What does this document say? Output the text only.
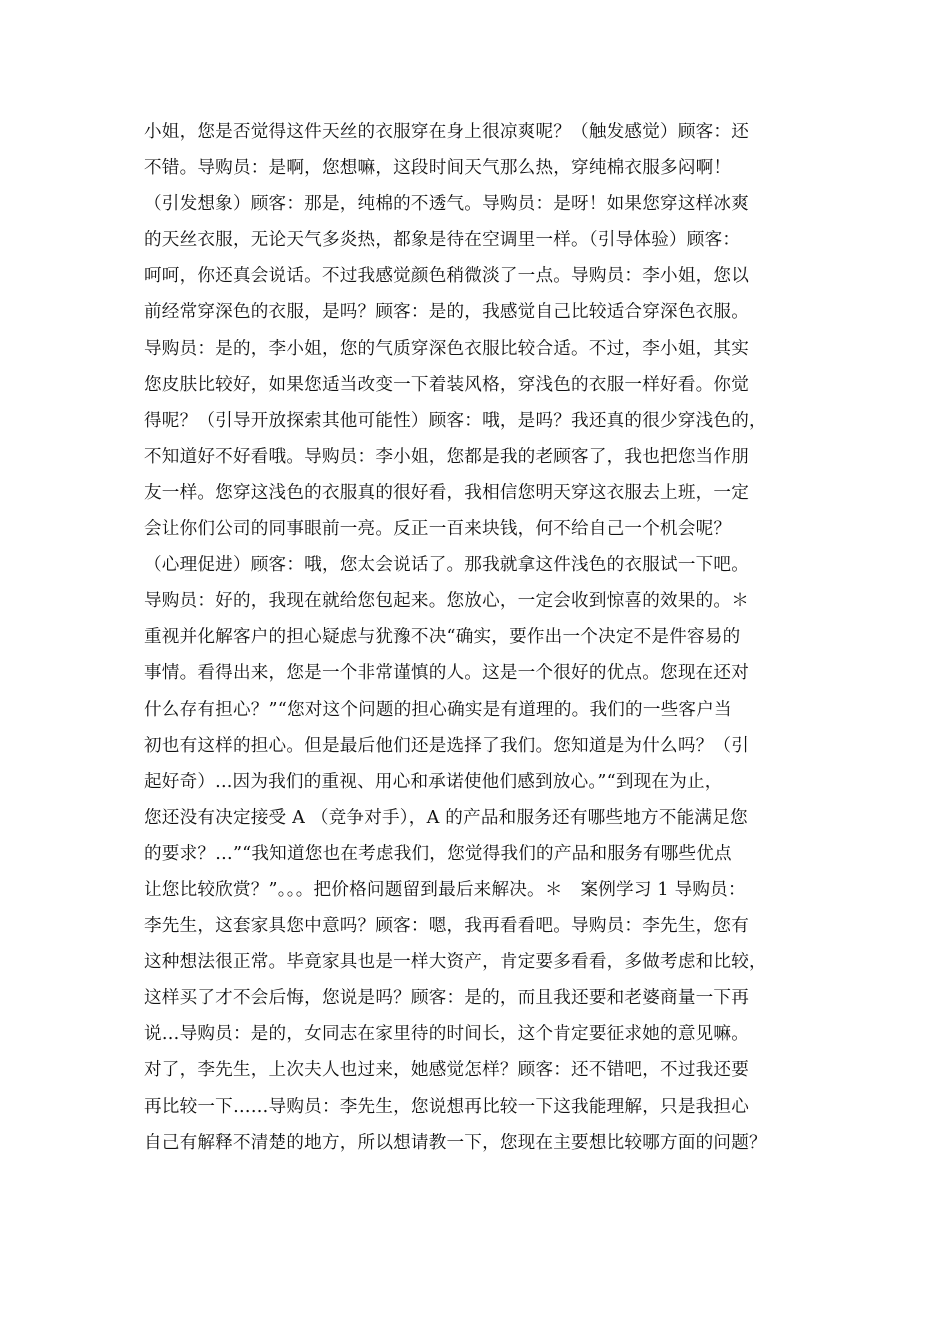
小姐，您是否觉得这件天丝的衣服穿在身上很凉爽呢？（触发感觉）顾客：还
不错。导购员：是啊，您想嘛，这段时间天气那么热，穿纯棉衣服多闷啊！
（引发想象）顾客：那是，纯棉的不透气。导购员：是呀！如果您穿这样冰爽
的天丝衣服，无论天气多炎热，都象是待在空调里一样。（引导体验）顾客：
呵呵，你还真会说话。不过我感觉颜色稍微淡了一点。导购员：李小姐，您以
前经常穿深色的衣服，是吗？顾客：是的，我感觉自己比较适合穿深色衣服。
导购员：是的，李小姐，您的气质穿深色衣服比较合适。不过，李小姐，其实
您皮肤比较好，如果您适当改变一下着装风格，穿浅色的衣服一样好看。你觉
得呢？（引导开放探索其他可能性）顾客：哦，是吗？我还真的很少穿浅色的，
不知道好不好看哦。导购员：李小姐，您都是我的老顾客了，我也把您当作朋
友一样。您穿这浅色的衣服真的很好看，我相信您明天穿这衣服去上班，一定
会让你们公司的同事眼前一亮。反正一百来块钱，何不给自己一个机会呢？
（心理促进）顾客：哦，您太会说话了。那我就拿这件浅色的衣服试一下吧。
导购员：好的，我现在就给您包起来。您放心，一定会收到惊喜的效果的。＊
重视并化解客户的担心疑虑与犹豫不决“确实，要作出一个决定不是件容易的
事情。看得出来，您是一个非常谨慎的人。这是一个很好的优点。您现在还对
什么存有担心？”“您对这个问题的担心确实是有道理的。我们的一些客户当
初也有这样的担心。但是最后他们还是选择了我们。您知道是为什么吗？（引
起好奇）...因为我们的重视、用心和承诺使他们感到放心。”“到现在为止，
您还没有决定接受 A （竞争对手），A 的产品和服务还有哪些地方不能满足您
的要求？…”“我知道您也在考虑我们，您觉得我们的产品和服务有哪些优点
让您比较欣赏？”。。。把价格问题留到最后来解决。＊　案例学习 1 导购员：
李先生，这套家具您中意吗？顾客：嗯，我再看看吧。导购员：李先生，您有
这种想法很正常。毕竟家具也是一样大资产，肯定要多看看，多做考虑和比较，
这样买了才不会后悔，您说是吗？顾客：是的，而且我还要和老婆商量一下再
说…导购员：是的，女同志在家里待的时间长，这个肯定要征求她的意见嘛。
对了，李先生，上次夫人也过来，她感觉怎样？顾客：还不错吧，不过我还要
再比较一下……导购员：李先生，您说想再比较一下这我能理解，只是我担心
自己有解释不清楚的地方，所以想请教一下，您现在主要想比较哪方面的问题？
